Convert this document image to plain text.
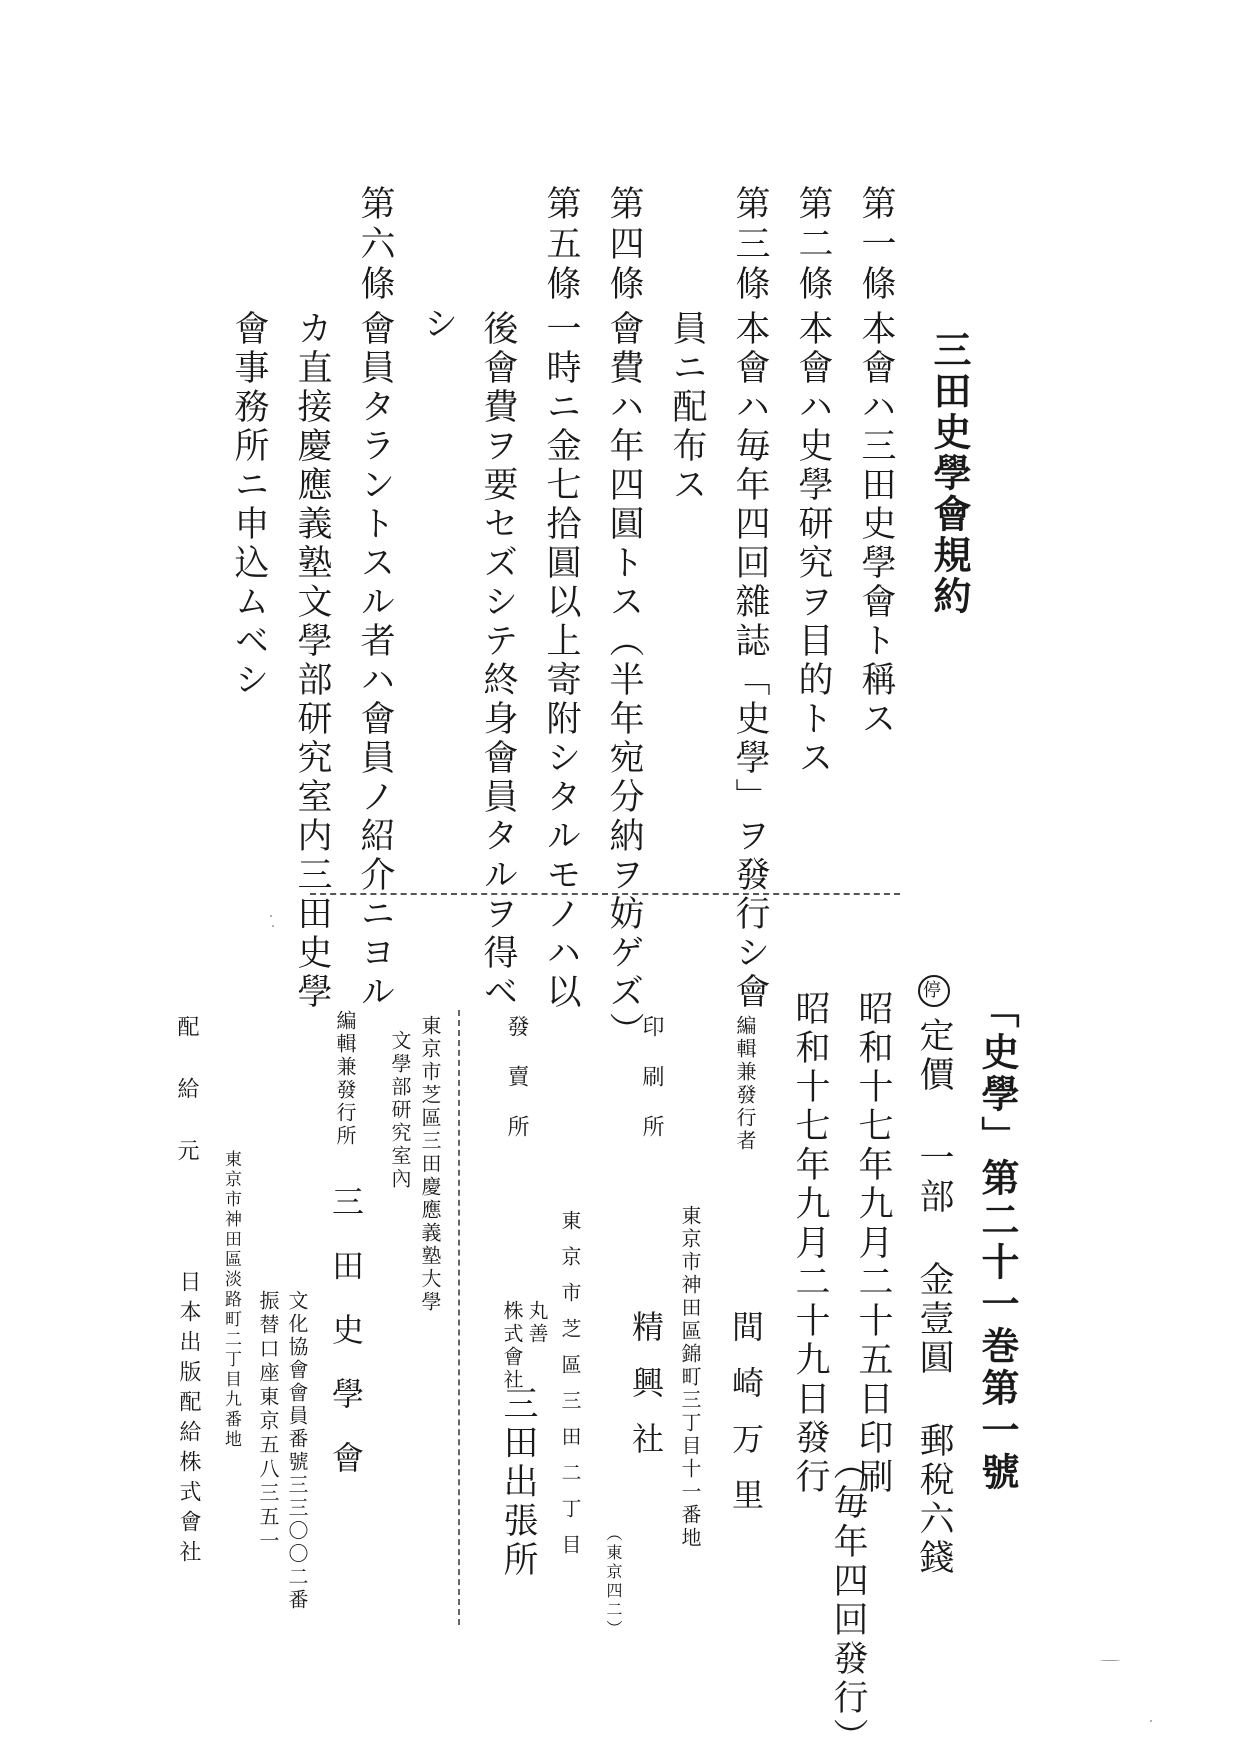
三田史學會規約
第一條
本會ハ三田史學會ト稱ス
第二條
本會ハ史學研究ヲ目的トス
第三條
本會ハ毎年四回雜誌「史學」ヲ發行シ會
員ニ配布ス
第四條
會費ハ年四圓トス（半年宛分納ヲ妨ゲズ）
第五條
一時ニ金七拾圓以上寄附シタルモノハ以
後會費ヲ要セズシテ終身會員タルヲ得ベ
シ
第六條
會員タラントスル者ハ會員ノ紹介ニヨル
カ直接慶應義塾文學部研究室内三田史學
會事務所ニ申込ムベシ
「史學」第二十一巻第一號
停定價 一部 金壹圓 郵稅六錢
昭和十七年九月二十五日印刷
（毎年四回發行）
昭和十七年九月二十九日發行
編輯兼發行者
間崎万里
東京市神田區錦町三丁目十一番地
印刷所
精興社
（東京四二）
發賣所
東京市芝區三田二丁目
丸善
株式會社
三田出張所
東京市芝區三田慶應義塾大學
文學部研究室內
編輯兼發行所
三田史學會
文化協會會員番號三三〇〇二番
振替口座東京五八三五一
配給元
東京市神田區淡路町二丁目九番地
日本出版配給株式會社
